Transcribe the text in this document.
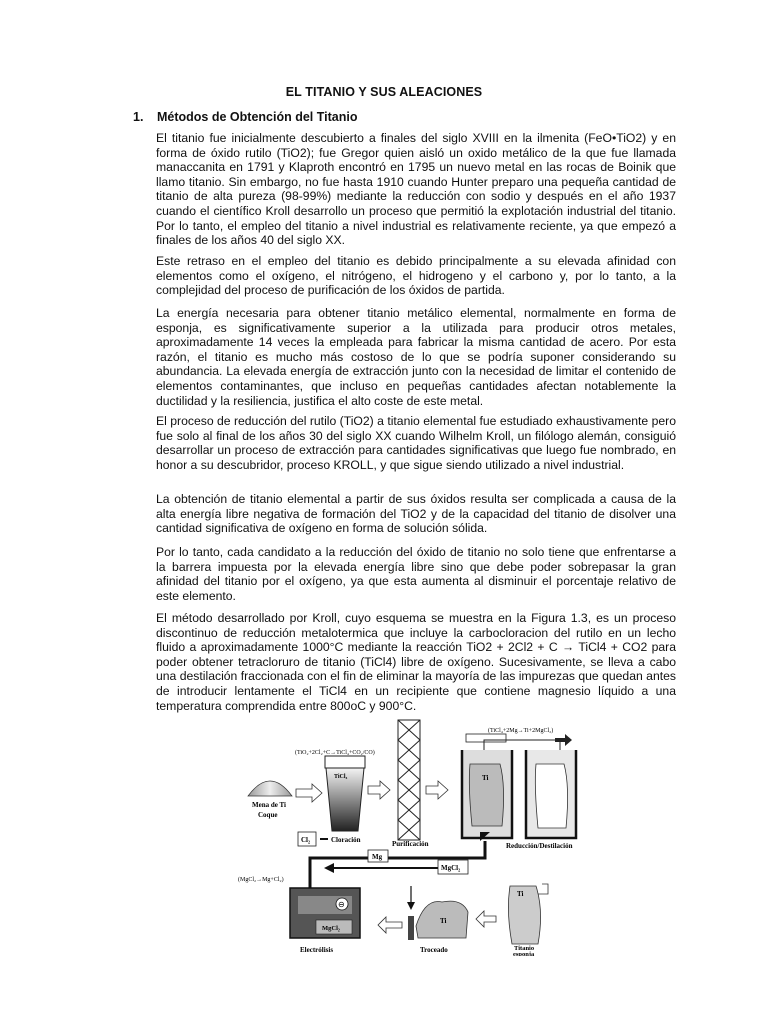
EL TITANIO Y SUS ALEACIONES
1. Métodos de Obtención del Titanio

El titanio fue inicialmente descubierto a finales del siglo XVIII en la ilmenita (FeO•TiO2) y en forma de óxido rutilo (TiO2); fue Gregor quien aisló un oxido metálico de la que fue llamada manaccanita en 1791 y Klaproth encontró en 1795 un nuevo metal en las rocas de Boinik que llamo titanio. Sin embargo, no fue hasta 1910 cuando Hunter preparo una pequeña cantidad de titanio de alta pureza (98-99%) mediante la reducción con sodio y después en el año 1937 cuando el científico Kroll desarrollo un proceso que permitió la explotación industrial del titanio. Por lo tanto, el empleo del titanio a nivel industrial es relativamente reciente, ya que empezó a finales de los años 40 del siglo XX.

Este retraso en el empleo del titanio es debido principalmente a su elevada afinidad con elementos como el oxígeno, el nitrógeno, el hidrogeno y el carbono y, por lo tanto, a la complejidad del proceso de purificación de los óxidos de partida.

La energía necesaria para obtener titanio metálico elemental, normalmente en forma de esponja, es significativamente superior a la utilizada para producir otros metales, aproximadamente 14 veces la empleada para fabricar la misma cantidad de acero. Por esta razón, el titanio es mucho más costoso de lo que se podría suponer considerando su abundancia. La elevada energía de extracción junto con la necesidad de limitar el contenido de elementos contaminantes, que incluso en pequeñas cantidades afectan notablemente la ductilidad y la resiliencia, justifica el alto coste de este metal.

El proceso de reducción del rutilo (TiO2) a titanio elemental fue estudiado exhaustivamente pero fue solo al final de los años 30 del siglo XX cuando Wilhelm Kroll, un filólogo alemán, consiguió desarrollar un proceso de extracción para cantidades significativas que luego fue nombrado, en honor a su descubridor, proceso KROLL, y que sigue siendo utilizado a nivel industrial.

La obtención de titanio elemental a partir de sus óxidos resulta ser complicada a causa de la alta energía libre negativa de formación del TiO2 y de la capacidad del titanio de disolver una cantidad significativa de oxígeno en forma de solución sólida.

Por lo tanto, cada candidato a la reducción del óxido de titanio no solo tiene que enfrentarse a la barrera impuesta por la elevada energía libre sino que debe poder sobrepasar la gran afinidad del titanio por el oxígeno, ya que esta aumenta al disminuir el porcentaje relativo de este elemento.

El método desarrollado por Kroll, cuyo esquema se muestra en la Figura 1.3, es un proceso discontinuo de reducción metalotermica que incluye la carbocloracion del rutilo en un lecho fluido a aproximadamente 1000°C mediante la reacción TiO2 + 2Cl2 + C → TiCl4 + CO2 para poder obtener tetracloruro de titanio (TiCl4) libre de oxígeno. Sucesivamente, se lleva a cabo una destilación fraccionada con el fin de eliminar la mayoría de las impurezas que quedan antes de introducir lentamente el TiCl4 en un recipiente que contiene magnesio líquido a una temperatura comprendida entre 800oC y 900°C.

(TiO₂+2Cl₂+C→TiCl₄+CO₂/CO)
(TiCl₄+2Mg→Ti+2MgCl₂)
(MgCl₂→Mg+Cl₂)
Mena de Ti
Coque
TiCl₄
Cloración	Purificación
Ti
Reducción/Destilación
Mg
MgCl₂
Cl₂
Ti
Titanio
esponja
Ti
Troceado
⊖
MgCl₂
Electrólisis
